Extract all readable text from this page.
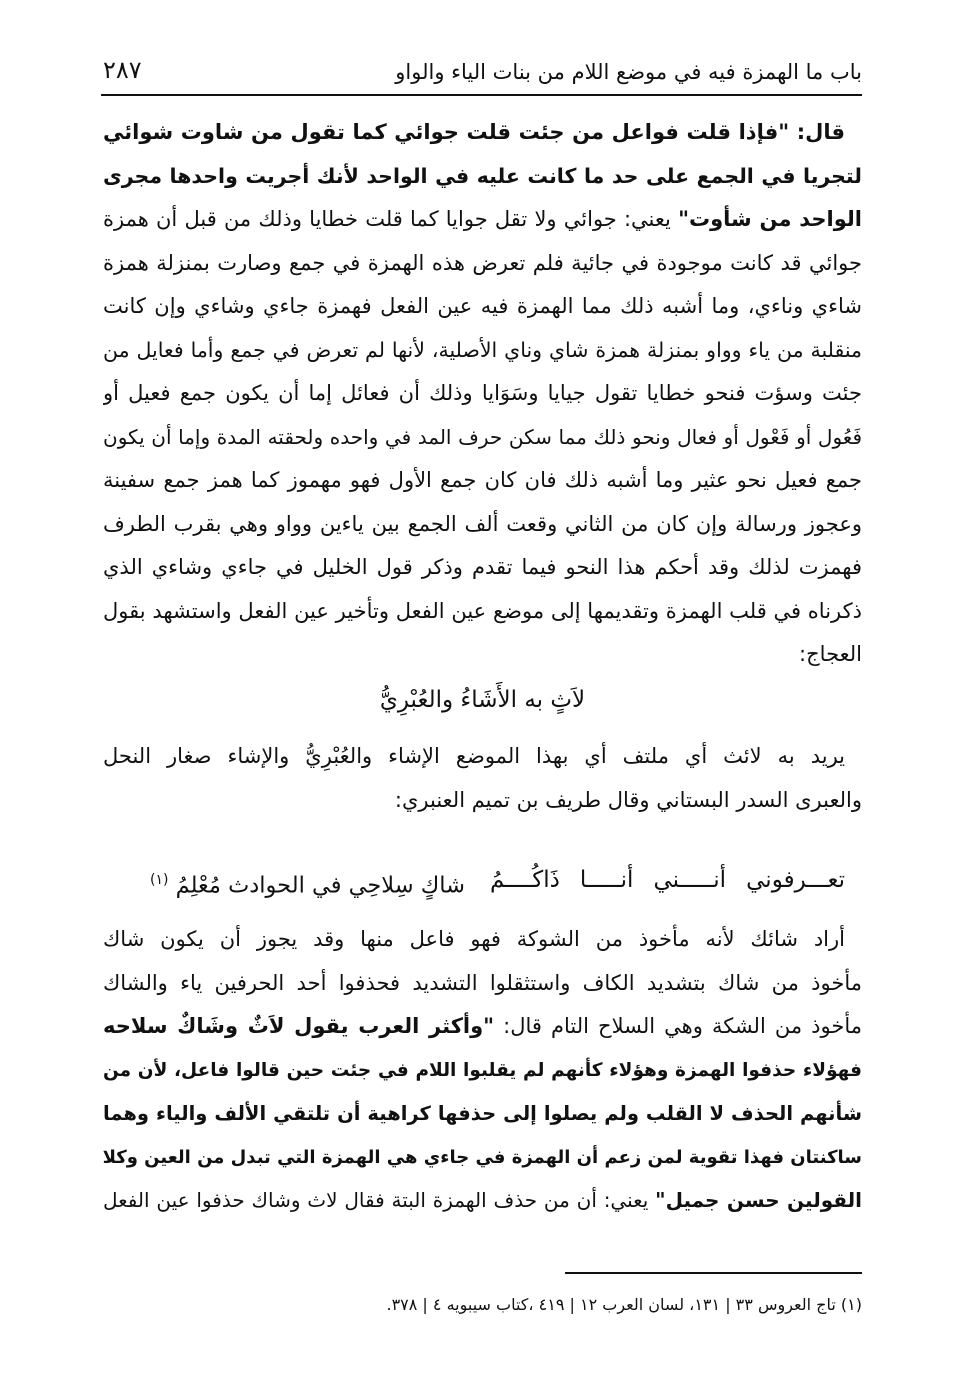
باب ما الهمزة فيه في موضع اللام من بنات الياء والواو
٢٨٧
قال: "فإذا قلت فواعل من جئت قلت جوائي كما تقول من شاوت شوائي
لتجريا في الجمع على حد ما كانت عليه في الواحد لأنك أجريت واحدها مجرى
الواحد من شأوت" يعني: جوائي ولا تقل جوايا كما قلت خطايا وذلك من قبل أن همزة
جوائي قد كانت موجودة في جائية فلم تعرض هذه الهمزة في جمع وصارت بمنزلة همزة
شاءي وناءي، وما أشبه ذلك مما الهمزة فيه عين الفعل فهمزة جاءي وشاءي وإن كانت
منقلبة من ياء وواو بمنزلة همزة شاي وناي الأصلية، لأنها لم تعرض في جمع وأما فعايل من
جئت وسؤت فنحو خطايا تقول جيايا وسَوَايا وذلك أن فعائل إما أن يكون جمع فعيل أو
فَعُول أو فَعْول أو فعال ونحو ذلك مما سكن حرف المد في واحده ولحقته المدة وإما أن يكون
جمع فعيل نحو عثير وما أشبه ذلك فان كان جمع الأول فهو مهموز كما همز جمع سفينة
وعجوز ورسالة وإن كان من الثاني وقعت ألف الجمع بين ياءين وواو وهي بقرب الطرف
فهمزت لذلك وقد أحكم هذا النحو فيما تقدم وذكر قول الخليل في جاءي وشاءي الذي
ذكرناه في قلب الهمزة وتقديمها إلى موضع عين الفعل وتأخير عين الفعل واستشهد بقول
العجاج:
لاَثٍ به الأَشَاءُ والعُبْرِيُّ
يريد به لائث أي ملتف أي بهذا الموضع الإشاء والعُبْرِيُّ والإشاء صغار النحل
والعبرى السدر البستاني وقال طريف بن تميم العنبري:
تعـــرفوني أنـــــني أنـــــا ذَاكُــــمُ
شاكٍ سِلاحِي في الحوادث مُعْلِمُ $^{(١)}$
أراد شائك لأنه مأخوذ من الشوكة فهو فاعل منها وقد يجوز أن يكون شاك
مأخوذ من شاك بتشديد الكاف واستثقلوا التشديد فحذفوا أحد الحرفين ياء والشاك
مأخوذ من الشكة وهي السلاح التام قال: "وأكثر العرب يقول لاَثٌ وشَاكٌ سلاحه
فهؤلاء حذفوا الهمزة وهؤلاء كأنهم لم يقلبوا اللام في جئت حين قالوا فاعل، لأن من
شأنهم الحذف لا القلب ولم يصلوا إلى حذفها كراهية أن تلتقي الألف والياء وهما
ساكنتان فهذا تقوية لمن زعم أن الهمزة في جاءي هي الهمزة التي تبدل من العين وكلا
القولين حسن جميل" يعني: أن من حذف الهمزة البتة فقال لاث وشاك حذفوا عين الفعل
(١) تاج العروس ٣٣ | ١٣١، لسان العرب ١٢ | ٤١٩ ،كتاب سيبويه ٤ | ٣٧٨.
